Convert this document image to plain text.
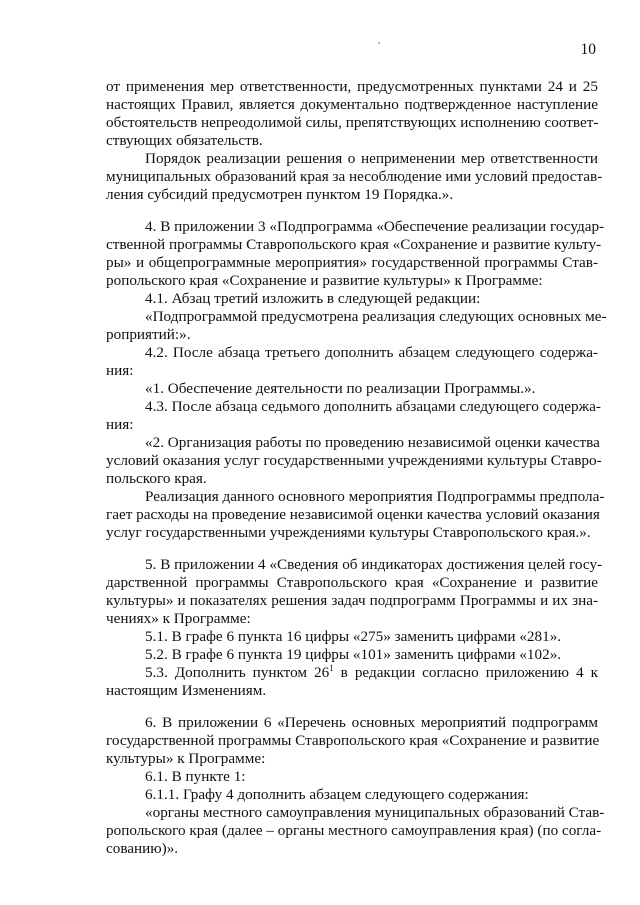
10
от применения мер ответственности, предусмотренных пунктами 24 и 25
настоящих Правил, является документально подтвержденное наступление
обстоятельств непреодолимой силы, препятствующих исполнению соответ-
ствующих обязательств.
Порядок реализации решения о неприменении мер ответственности
муниципальных образований края за несоблюдение ими условий предостав-
ления субсидий предусмотрен пунктом 19 Порядка.».
4. В приложении 3 «Подпрограмма «Обеспечение реализации государ-
ственной программы Ставропольского края «Сохранение и развитие культу-
ры» и общепрограммные мероприятия» государственной программы Став-
ропольского края «Сохранение и развитие культуры» к Программе:
4.1. Абзац третий изложить в следующей редакции:
«Подпрограммой предусмотрена реализация следующих основных ме-
роприятий:».
4.2. После абзаца третьего дополнить абзацем следующего содержа-
ния:
«1. Обеспечение деятельности по реализации Программы.».
4.3. После абзаца седьмого дополнить абзацами следующего содержа-
ния:
«2. Организация работы по проведению независимой оценки качества
условий оказания услуг государственными учреждениями культуры Ставро-
польского края.
Реализация данного основного мероприятия Подпрограммы предпола-
гает расходы на проведение независимой оценки качества условий оказания
услуг государственными учреждениями культуры Ставропольского края.».
5. В приложении 4 «Сведения об индикаторах достижения целей госу-
дарственной программы Ставропольского края «Сохранение и развитие
культуры» и показателях решения задач подпрограмм Программы и их зна-
чениях» к Программе:
5.1. В графе 6 пункта 16 цифры «275» заменить цифрами «281».
5.2. В графе 6 пункта 19 цифры «101» заменить цифрами «102».
5.3. Дополнить пунктом $26^1$ в редакции согласно приложению 4 к
настоящим Изменениям.
6. В приложении 6 «Перечень основных мероприятий подпрограмм
государственной программы Ставропольского края «Сохранение и развитие
культуры» к Программе:
6.1. В пункте 1:
6.1.1. Графу 4 дополнить абзацем следующего содержания:
«органы местного самоуправления муниципальных образований Став-
ропольского края (далее – органы местного самоуправления края) (по согла-
сованию)».
